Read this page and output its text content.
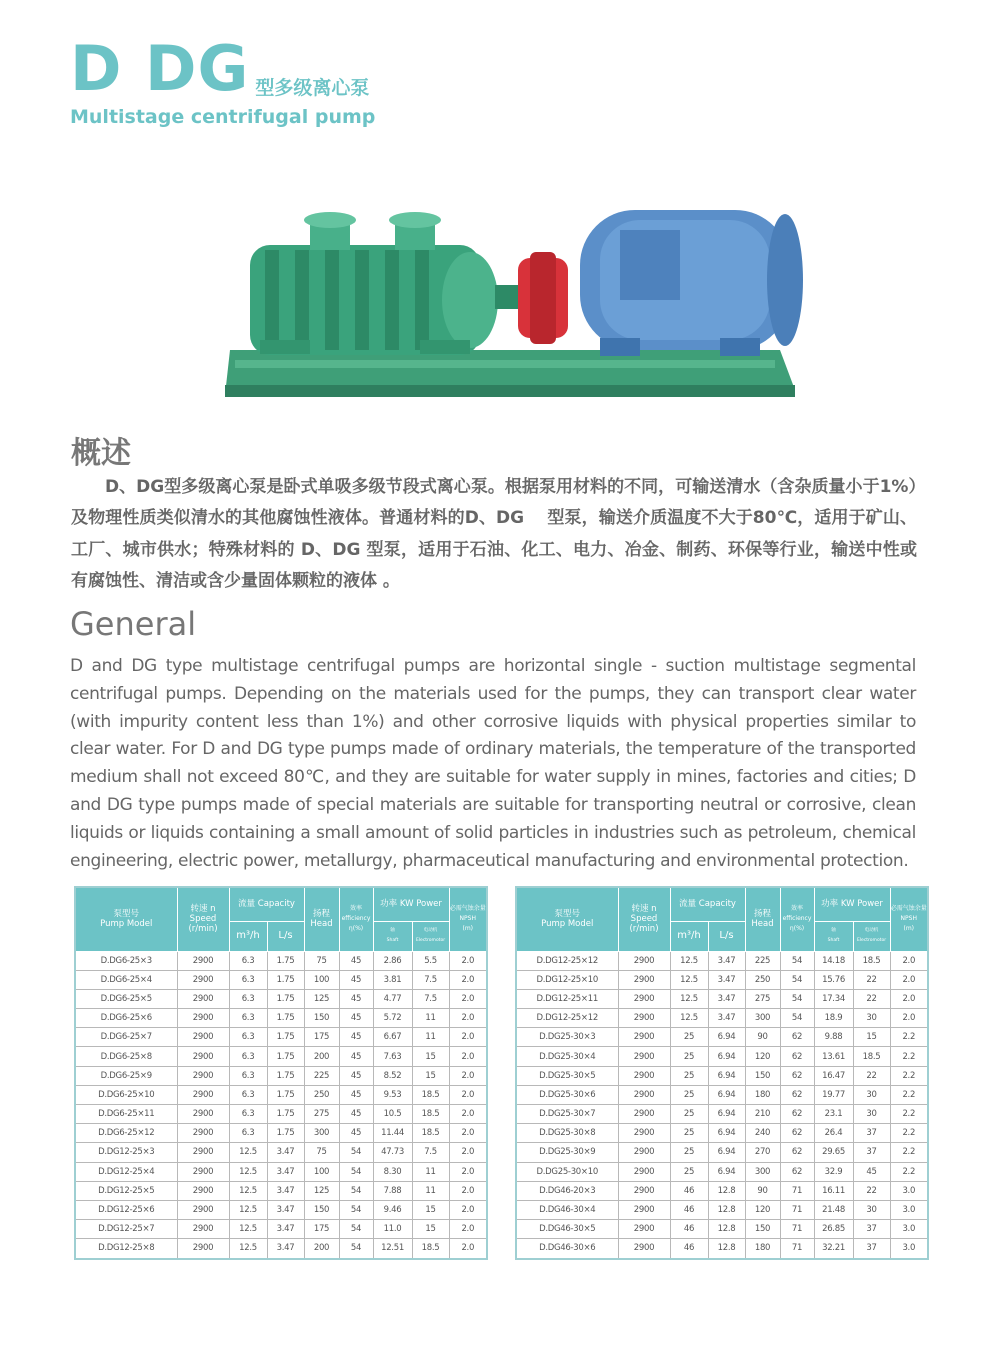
D DG 型多级离心泵
Multistage centrifugal pump
概述
  D、DG型多级离心泵是卧式单吸多级节段式离心泵。根据泵用材料的不同，可输送清水（含杂质量小于1%）及物理性质类似清水的其他腐蚀性液体。普通材料的D、DG　 型泵，输送介质温度不大于80℃，适用于矿山、工厂、城市供水；特殊材料的 D、DG 型泵，适用于石油、化工、电力、冶金、制药、环保等行业，输送中性或有腐蚀性、清洁或含少量固体颗粒的液体 。
General
D and DG type multistage centrifugal pumps are horizontal single - suction multistage segmental centrifugal pumps. Depending on the materials used for the pumps, they can transport clear water (with impurity content less than 1%) and other corrosive liquids with physical properties similar to clear water. For D and DG type pumps made of ordinary materials, the temperature of the transported medium shall not exceed 80℃, and they are suitable for water supply in mines, factories and cities; D and DG type pumps made of special materials are suitable for transporting neutral or corrosive, clean liquids or liquids containing a small amount of solid particles in industries such as petroleum, chemical engineering, electric power, metallurgy, pharmaceutical manufacturing and environmental protection.
泵型号
Pump Model	转速 n
Speed
(r/min)	流量 Capacity		扬程
Head	效率
efficiency
η(%)	功率 KW Power		必需气蚀余量
NPSH
(m)
		m³/h	L/s			轴
Shaft	电动机
Electromotor	
D.DG6-25×3	2900	6.3	1.75	75	45	2.86	5.5	2.0
D.DG6-25×4	2900	6.3	1.75	100	45	3.81	7.5	2.0
D.DG6-25×5	2900	6.3	1.75	125	45	4.77	7.5	2.0
D.DG6-25×6	2900	6.3	1.75	150	45	5.72	11	2.0
D.DG6-25×7	2900	6.3	1.75	175	45	6.67	11	2.0
D.DG6-25×8	2900	6.3	1.75	200	45	7.63	15	2.0
D.DG6-25×9	2900	6.3	1.75	225	45	8.52	15	2.0
D.DG6-25×10	2900	6.3	1.75	250	45	9.53	18.5	2.0
D.DG6-25×11	2900	6.3	1.75	275	45	10.5	18.5	2.0
D.DG6-25×12	2900	6.3	1.75	300	45	11.44	18.5	2.0
D.DG12-25×3	2900	12.5	3.47	75	54	47.73	7.5	2.0
D.DG12-25×4	2900	12.5	3.47	100	54	8.30	11	2.0
D.DG12-25×5	2900	12.5	3.47	125	54	7.88	11	2.0
D.DG12-25×6	2900	12.5	3.47	150	54	9.46	15	2.0
D.DG12-25×7	2900	12.5	3.47	175	54	11.0	15	2.0
D.DG12-25×8	2900	12.5	3.47	200	54	12.51	18.5	2.0
泵型号
Pump Model	转速 n
Speed
(r/min)	流量 Capacity		扬程
Head	效率
efficiency
η(%)	功率 KW Power		必需气蚀余量
NPSH
(m)
		m³/h	L/s			轴
Shaft	电动机
Electromotor	
D.DG12-25×12	2900	12.5	3.47	225	54	14.18	18.5	2.0
D.DG12-25×10	2900	12.5	3.47	250	54	15.76	22	2.0
D.DG12-25×11	2900	12.5	3.47	275	54	17.34	22	2.0
D.DG12-25×12	2900	12.5	3.47	300	54	18.9	30	2.0
D.DG25-30×3	2900	25	6.94	90	62	9.88	15	2.2
D.DG25-30×4	2900	25	6.94	120	62	13.61	18.5	2.2
D.DG25-30×5	2900	25	6.94	150	62	16.47	22	2.2
D.DG25-30×6	2900	25	6.94	180	62	19.77	30	2.2
D.DG25-30×7	2900	25	6.94	210	62	23.1	30	2.2
D.DG25-30×8	2900	25	6.94	240	62	26.4	37	2.2
D.DG25-30×9	2900	25	6.94	270	62	29.65	37	2.2
D.DG25-30×10	2900	25	6.94	300	62	32.9	45	2.2
D.DG46-20×3	2900	46	12.8	90	71	16.11	22	3.0
D.DG46-30×4	2900	46	12.8	120	71	21.48	30	3.0
D.DG46-30×5	2900	46	12.8	150	71	26.85	37	3.0
D.DG46-30×6	2900	46	12.8	180	71	32.21	37	3.0
